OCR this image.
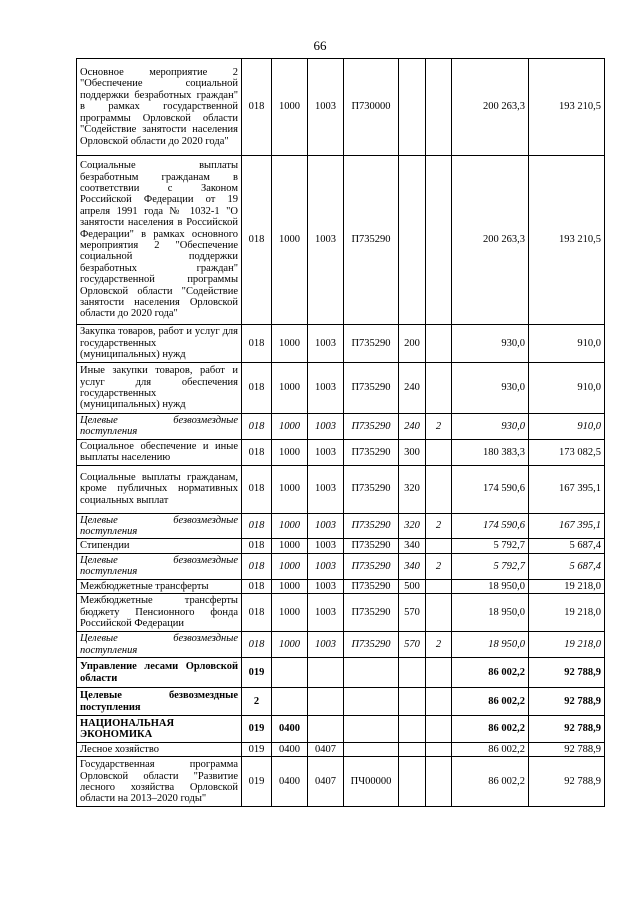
66
Основное мероприятие 2 "Обеспечение социальной поддержки безработных граждан" в рамках государственной программы Орловской области "Содействие занятости населения Орловской области до 2020 года"	018	1000	1003	П730000			200 263,3	193 210,5
Социальные выплаты безработным гражданам в соответствии с Законом Российской Федерации от 19 апреля 1991 года № 1032-1 "О занятости населения в Российской Федерации" в рамках основного мероприятия 2 "Обеспечение социальной поддержки безработных граждан" государственной программы Орловской области "Содействие занятости населения Орловской области до 2020 года"	018	1000	1003	П735290			200 263,3	193 210,5
Закупка товаров, работ и услуг для государственных (муниципальных) нужд	018	1000	1003	П735290	200		930,0	910,0
Иные закупки товаров, работ и услуг для обеспечения государственных (муниципальных) нужд	018	1000	1003	П735290	240		930,0	910,0
Целевые безвозмездные поступления	018	1000	1003	П735290	240	2	930,0	910,0
Социальное обеспечение и иные выплаты населению	018	1000	1003	П735290	300		180 383,3	173 082,5
Социальные выплаты гражданам, кроме публичных нормативных социальных выплат	018	1000	1003	П735290	320		174 590,6	167 395,1
Целевые безвозмездные поступления	018	1000	1003	П735290	320	2	174 590,6	167 395,1
Стипендии	018	1000	1003	П735290	340		5 792,7	5 687,4
Целевые безвозмездные поступления	018	1000	1003	П735290	340	2	5 792,7	5 687,4
Межбюджетные трансферты	018	1000	1003	П735290	500		18 950,0	19 218,0
Межбюджетные трансферты бюджету Пенсионного фонда Российской Федерации	018	1000	1003	П735290	570		18 950,0	19 218,0
Целевые безвозмездные поступления	018	1000	1003	П735290	570	2	18 950,0	19 218,0
Управление лесами Орловской области	019						86 002,2	92 788,9
Целевые безвозмездные поступления	2						86 002,2	92 788,9
НАЦИОНАЛЬНАЯ ЭКОНОМИКА	019	0400					86 002,2	92 788,9
Лесное хозяйство	019	0400	0407				86 002,2	92 788,9
Государственная программа Орловской области "Развитие лесного хозяйства Орловской области на 2013–2020 годы"	019	0400	0407	ПЧ00000			86 002,2	92 788,9
